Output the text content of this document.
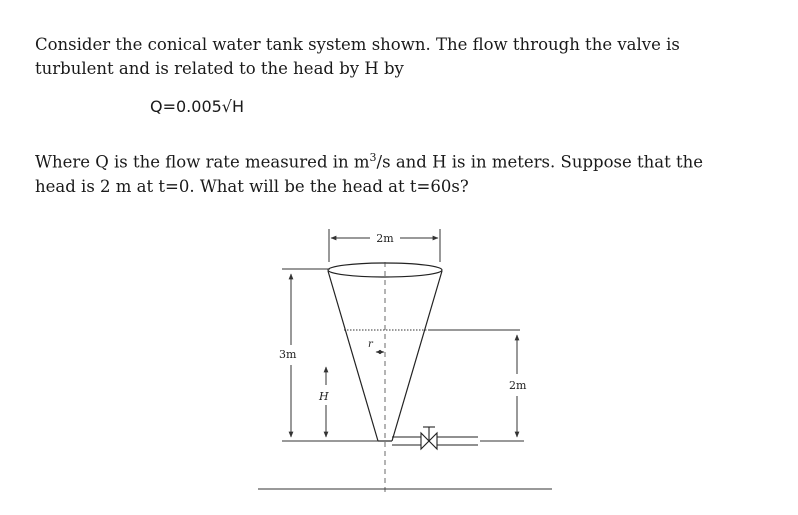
Consider the conical water tank system shown. The flow through the valve is
turbulent and is related to the head by H by
Q=0.005√H
Where Q is the flow rate measured in $m^3/s$ and H is in meters. Suppose that the
head is 2 m at t=0. What will be the head at t=60s?
2m
r
3m
H
2m
